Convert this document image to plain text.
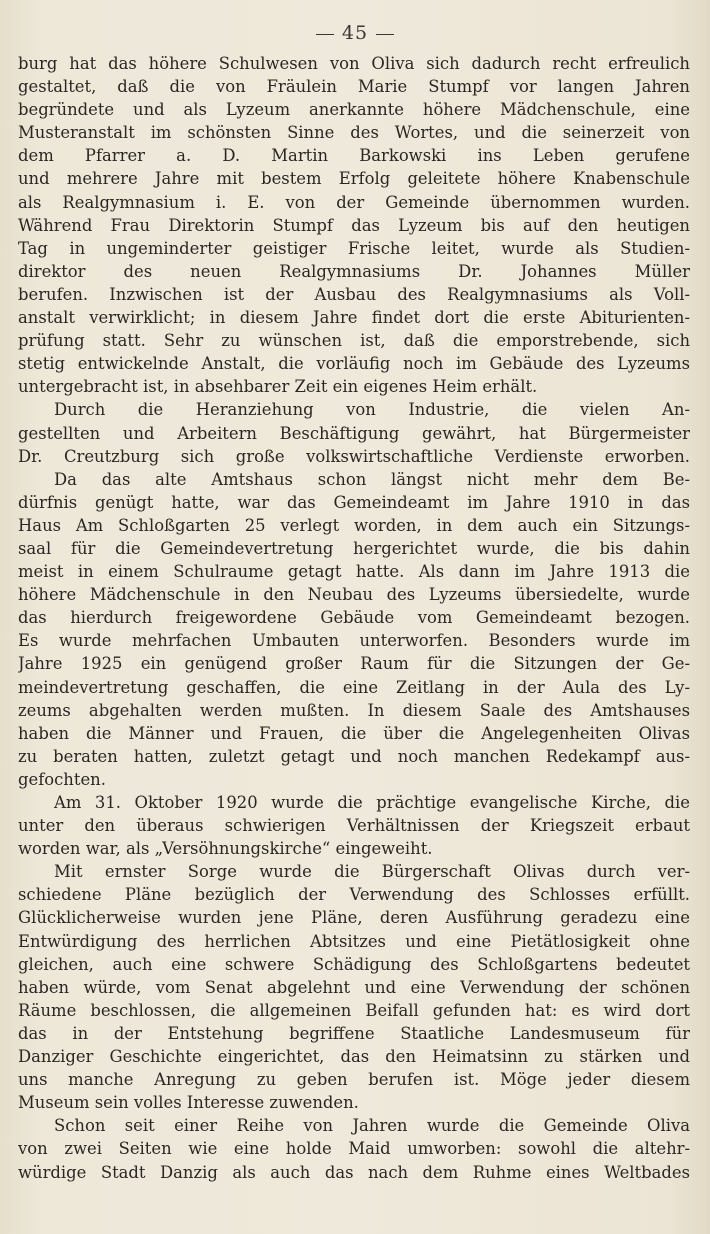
45
burg hat das höhere Schulwesen von Oliva sich dadurch recht erfreulich
gestaltet, daß die von Fräulein Marie Stumpf vor langen Jahren
begründete und als Lyzeum anerkannte höhere Mädchenschule, eine
Musteranstalt im schönsten Sinne des Wortes, und die seinerzeit von
dem Pfarrer a. D. Martin Barkowski ins Leben gerufene
und mehrere Jahre mit bestem Erfolg geleitete höhere Knabenschule
als Realgymnasium i. E. von der Gemeinde übernommen wurden.
Während Frau Direktorin Stumpf das Lyzeum bis auf den heutigen
Tag in ungeminderter geistiger Frische leitet, wurde als Studien-
direktor des neuen Realgymnasiums Dr. Johannes Müller
berufen. Inzwischen ist der Ausbau des Realgymnasiums als Voll-
anstalt verwirklicht; in diesem Jahre findet dort die erste Abiturienten-
prüfung statt. Sehr zu wünschen ist, daß die emporstrebende, sich
stetig entwickelnde Anstalt, die vorläufig noch im Gebäude des Lyzeums
untergebracht ist, in absehbarer Zeit ein eigenes Heim erhält.
Durch die Heranziehung von Industrie, die vielen An-
gestellten und Arbeitern Beschäftigung gewährt, hat Bürgermeister
Dr. Creutzburg sich große volkswirtschaftliche Verdienste erworben.
Da das alte Amtshaus schon längst nicht mehr dem Be-
dürfnis genügt hatte, war das Gemeindeamt im Jahre 1910 in das
Haus Am Schloßgarten 25 verlegt worden, in dem auch ein Sitzungs-
saal für die Gemeindevertretung hergerichtet wurde, die bis dahin
meist in einem Schulraume getagt hatte. Als dann im Jahre 1913 die
höhere Mädchenschule in den Neubau des Lyzeums übersiedelte, wurde
das hierdurch freigewordene Gebäude vom Gemeindeamt bezogen.
Es wurde mehrfachen Umbauten unterworfen. Besonders wurde im
Jahre 1925 ein genügend großer Raum für die Sitzungen der Ge-
meindevertretung geschaffen, die eine Zeitlang in der Aula des Ly-
zeums abgehalten werden mußten. In diesem Saale des Amtshauses
haben die Männer und Frauen, die über die Angelegenheiten Olivas
zu beraten hatten, zuletzt getagt und noch manchen Redekampf aus-
gefochten.
Am 31. Oktober 1920 wurde die prächtige evangelische Kirche, die
unter den überaus schwierigen Verhältnissen der Kriegszeit erbaut
worden war, als „Versöhnungskirche“ eingeweiht.
Mit ernster Sorge wurde die Bürgerschaft Olivas durch ver-
schiedene Pläne bezüglich der Verwendung des Schlosses erfüllt.
Glücklicherweise wurden jene Pläne, deren Ausführung geradezu eine
Entwürdigung des herrlichen Abtsitzes und eine Pietätlosigkeit ohne
gleichen, auch eine schwere Schädigung des Schloßgartens bedeutet
haben würde, vom Senat abgelehnt und eine Verwendung der schönen
Räume beschlossen, die allgemeinen Beifall gefunden hat: es wird dort
das in der Entstehung begriffene Staatliche Landesmuseum für
Danziger Geschichte eingerichtet, das den Heimatsinn zu stärken und
uns manche Anregung zu geben berufen ist. Möge jeder diesem
Museum sein volles Interesse zuwenden.
Schon seit einer Reihe von Jahren wurde die Gemeinde Oliva
von zwei Seiten wie eine holde Maid umworben: sowohl die altehr-
würdige Stadt Danzig als auch das nach dem Ruhme eines Weltbades
